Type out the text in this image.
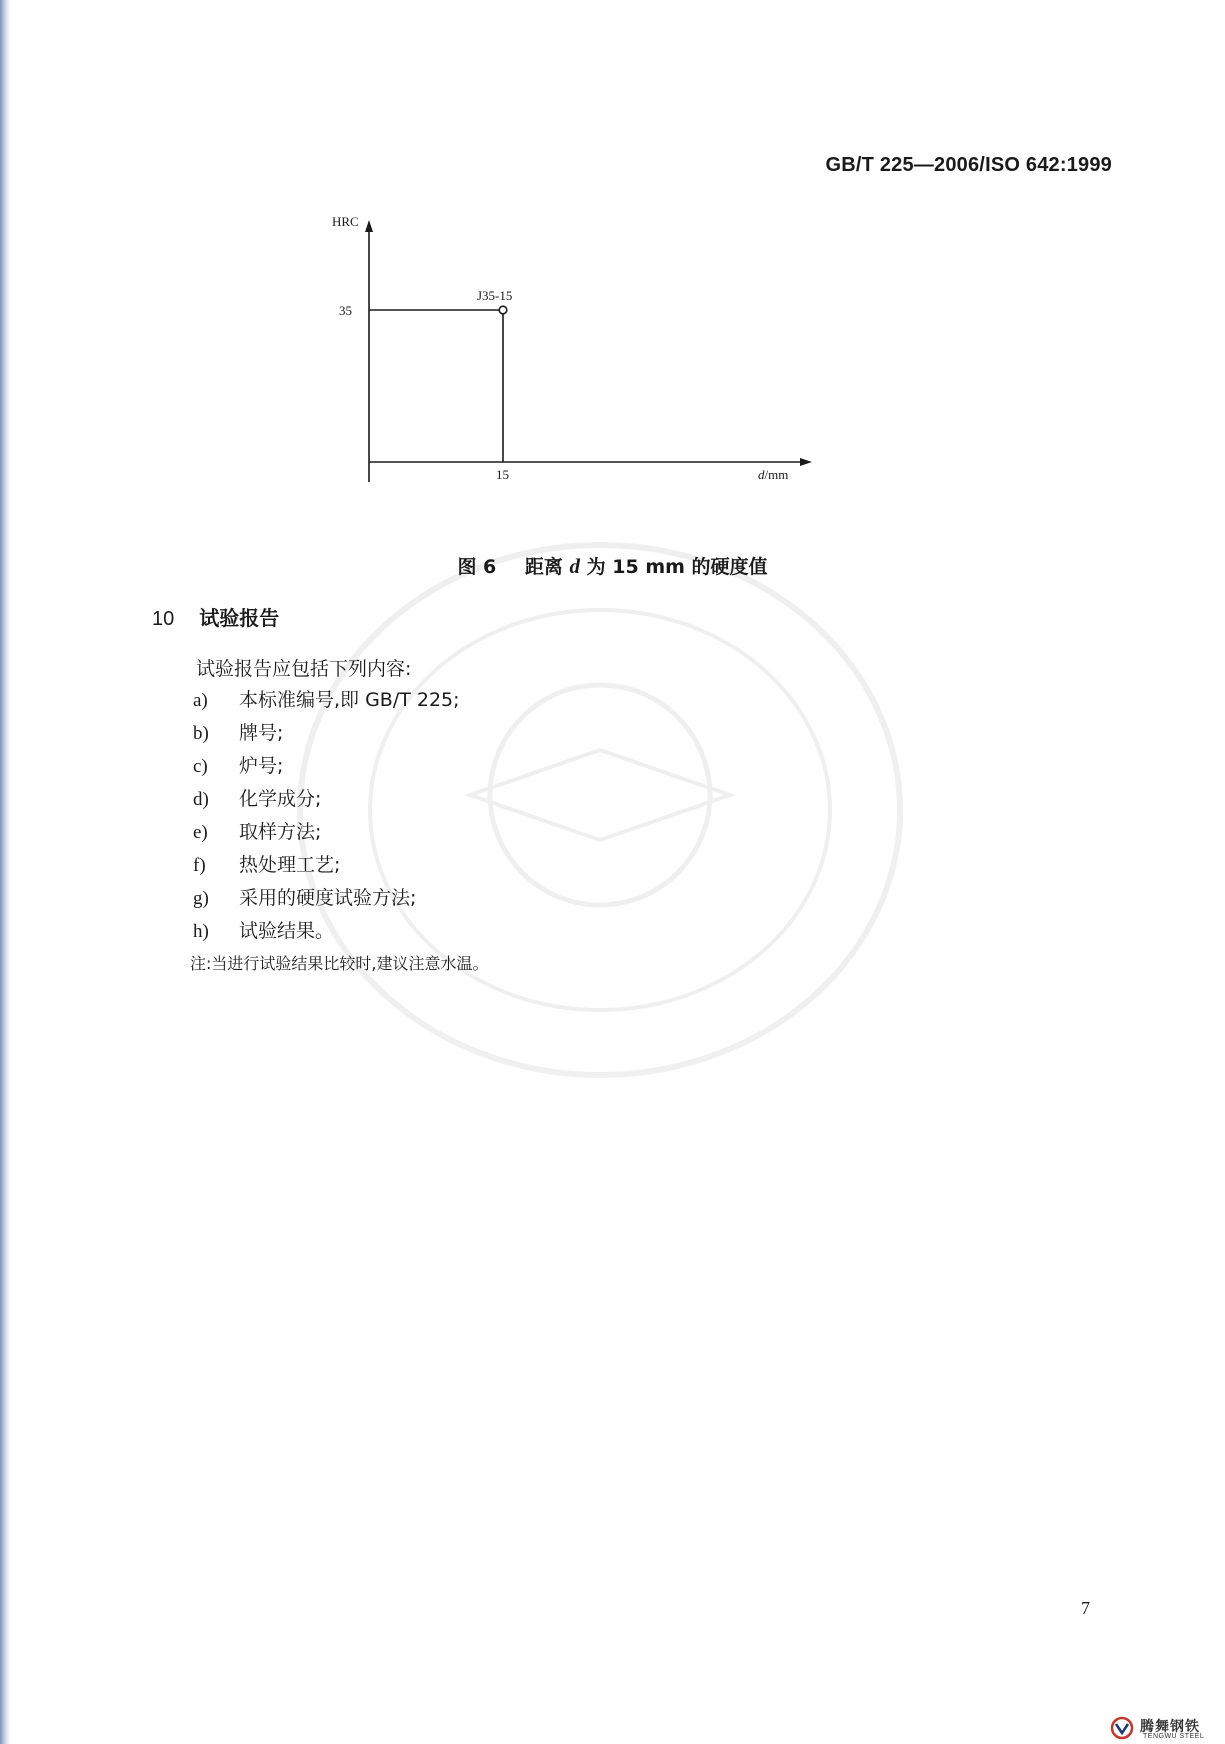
GB/T 225—2006/ISO 642:1999
HRC
d/mm
J35-15
35
15
图 6 距离 d 为 15 mm 的硬度值
10 试验报告
试验报告应包括下列内容:
a) 本标准编号,即 GB/T 225;
b) 牌号;
c) 炉号;
d) 化学成分;
e) 取样方法;
f) 热处理工艺;
g) 采用的硬度试验方法;
h) 试验结果。
注:当进行试验结果比较时,建议注意水温。
7
腾舞钢铁
TENGWU STEEL
